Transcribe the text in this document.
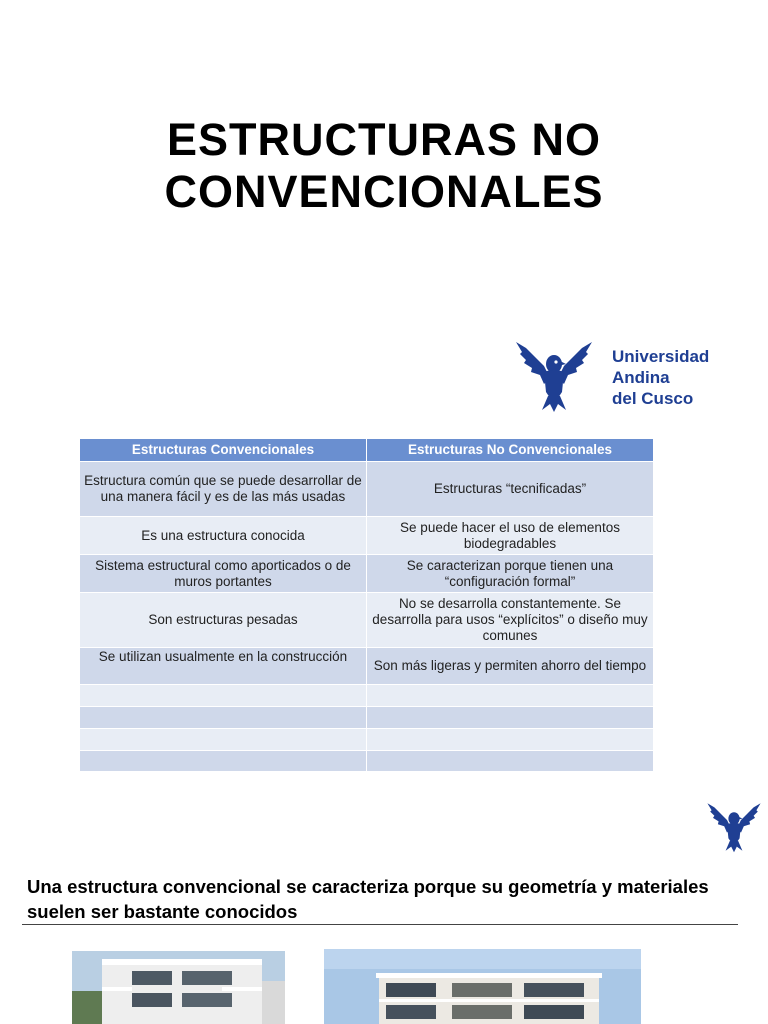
ESTRUCTURAS NO
CONVENCIONALES
Universidad
Andina
del Cusco
Estructuras Convencionales	Estructuras No Convencionales
Estructura común que se puede desarrollar de una manera fácil y es de las más usadas	Estructuras “tecnificadas”
Es una estructura conocida	Se puede hacer el uso de elementos biodegradables
Sistema estructural como aporticados o de muros portantes	Se caracterizan porque tienen una “configuración formal”
Son estructuras pesadas	No se desarrolla constantemente. Se desarrolla para usos “explícitos” o diseño muy comunes
Se utilizan usualmente en la construcción	Son más ligeras y permiten ahorro del tiempo

Una estructura convencional se caracteriza porque su geometría y materiales suelen ser bastante conocidos
